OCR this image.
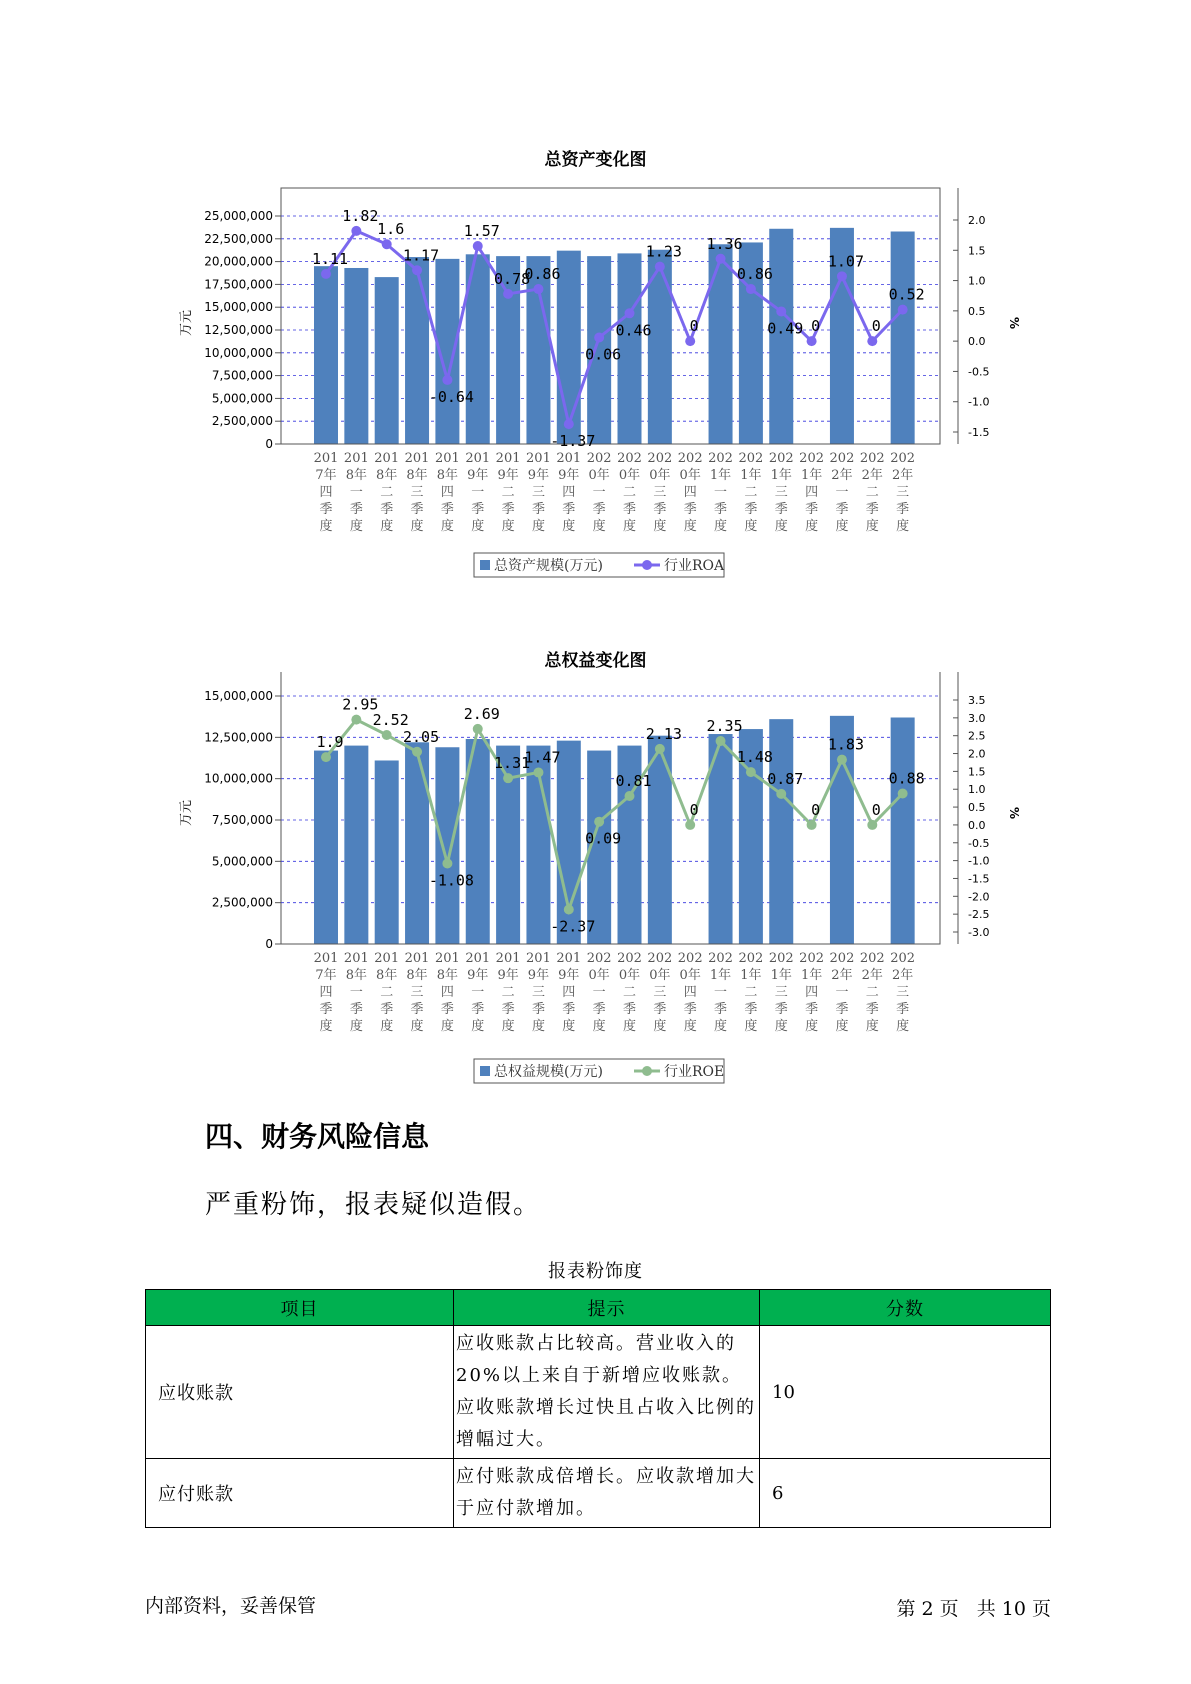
总资产变化图
0
2,500,000
5,000,000
7,500,000
10,000,000
12,500,000
15,000,000
17,500,000
20,000,000
22,500,000
25,000,000
万元
-1.5
-1.0
-0.5
0.0
0.5
1.0
1.5
2.0
%
201
7年
四
季
度
201
8年
一
季
度
201
8年
二
季
度
201
8年
三
季
度
201
8年
四
季
度
201
9年
一
季
度
201
9年
二
季
度
201
9年
三
季
度
201
9年
四
季
度
202
0年
一
季
度
202
0年
二
季
度
202
0年
三
季
度
202
0年
四
季
度
202
1年
一
季
度
202
1年
二
季
度
202
1年
三
季
度
202
1年
四
季
度
202
2年
一
季
度
202
2年
二
季
度
202
2年
三
季
度
1.11
1.82
1.6
1.17
-0.64
1.57
0.78
0.86
-1.37
0.06
0.46
1.23
0
1.36
0.86
0.49 0
1.07
0
0.52
总资产规模(万元)	行业ROA
总权益变化图
0
2,500,000
5,000,000
7,500,000
10,000,000
12,500,000
15,000,000
万元
-3.0
-2.5
-2.0
-1.5
-1.0
-0.5
0.0
0.5
1.0
1.5
2.0
2.5
3.0
3.5
%
201
7年
四
季
度
201
8年
一
季
度
201
8年
二
季
度
201
8年
三
季
度
201
8年
四
季
度
201
9年
一
季
度
201
9年
二
季
度
201
9年
三
季
度
201
9年
四
季
度
202
0年
一
季
度
202
0年
二
季
度
202
0年
三
季
度
202
0年
四
季
度
202
1年
一
季
度
202
1年
二
季
度
202
1年
三
季
度
202
1年
四
季
度
202
2年
一
季
度
202
2年
二
季
度
202
2年
三
季
度
1.9
2.95
2.52
2.05
-1.08
2.69
1.31
1.47
-2.37
0.09
0.81
2.13
0
2.35
1.48
0.87
0
1.83
0
0.88
总权益规模(万元)	行业ROE
四、财务风险信息
严重粉饰，报表疑似造假。
报表粉饰度
项目	提示	分数
应收账款	应收账款占比较高。营业收入的20%以上来自于新增应收账款。应收账款增长过快且占收入比例的增幅过大。	10
应付账款	应付账款成倍增长。应收款增加大于应付款增加。	6
内部资料，妥善保管	第 2 页   共 10 页
